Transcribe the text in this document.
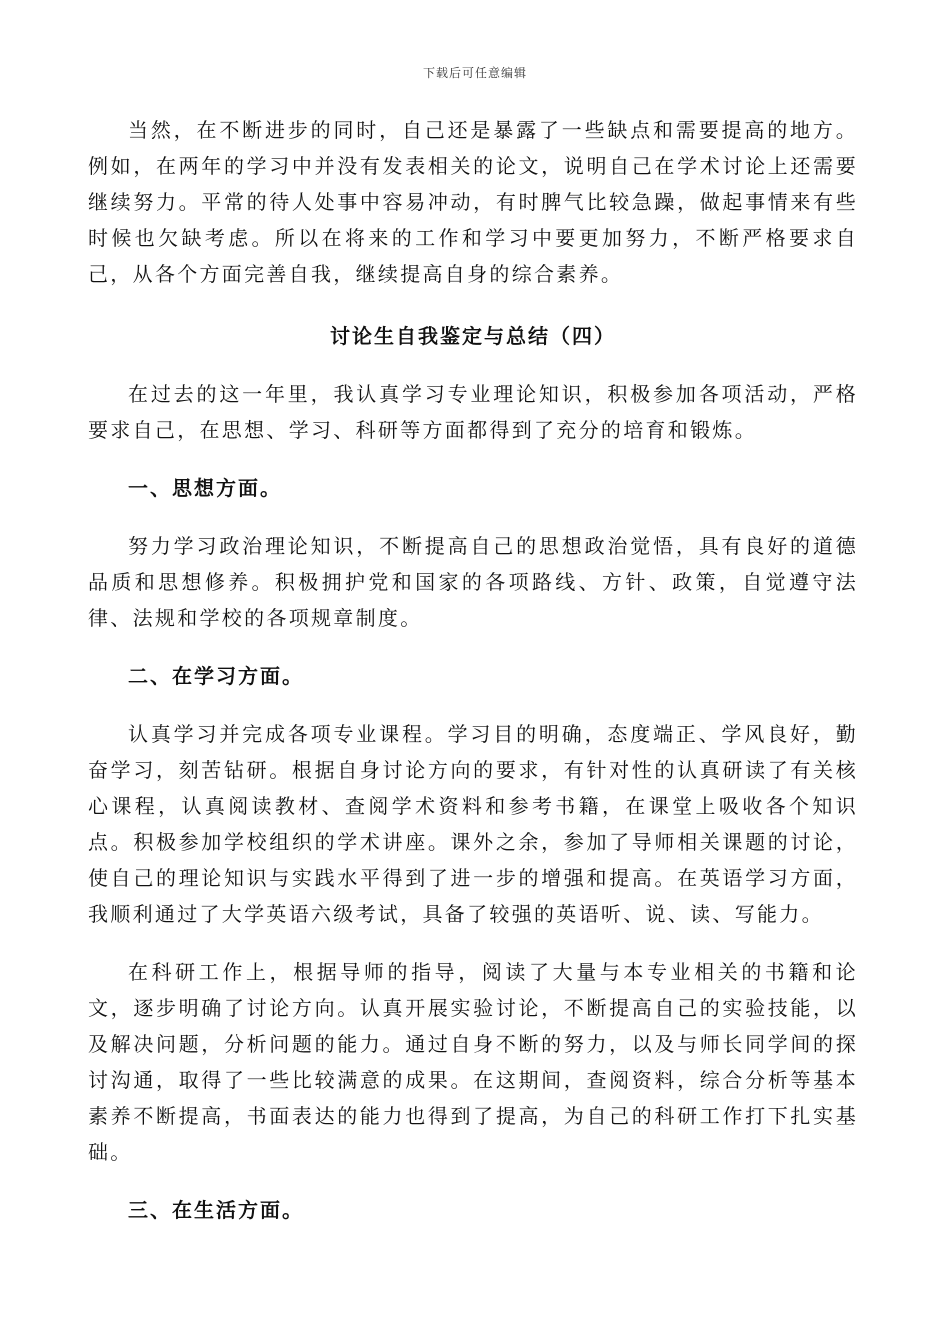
下载后可任意编辑

当然，在不断进步的同时，自己还是暴露了一些缺点和需要提高的地方。例如，在两年的学习中并没有发表相关的论文，说明自己在学术讨论上还需要继续努力。平常的待人处事中容易冲动，有时脾气比较急躁，做起事情来有些时候也欠缺考虑。所以在将来的工作和学习中要更加努力，不断严格要求自己，从各个方面完善自我，继续提高自身的综合素养。

讨论生自我鉴定与总结（四）

在过去的这一年里，我认真学习专业理论知识，积极参加各项活动，严格要求自己，在思想、学习、科研等方面都得到了充分的培育和锻炼。

一、思想方面。

努力学习政治理论知识，不断提高自己的思想政治觉悟，具有良好的道德品质和思想修养。积极拥护党和国家的各项路线、方针、政策，自觉遵守法律、法规和学校的各项规章制度。

二、在学习方面。

认真学习并完成各项专业课程。学习目的明确，态度端正、学风良好，勤奋学习，刻苦钻研。根据自身讨论方向的要求，有针对性的认真研读了有关核心课程，认真阅读教材、查阅学术资料和参考书籍，在课堂上吸收各个知识点。积极参加学校组织的学术讲座。课外之余，参加了导师相关课题的讨论，使自己的理论知识与实践水平得到了进一步的增强和提高。在英语学习方面，我顺利通过了大学英语六级考试，具备了较强的英语听、说、读、写能力。

在科研工作上，根据导师的指导，阅读了大量与本专业相关的书籍和论文，逐步明确了讨论方向。认真开展实验讨论，不断提高自己的实验技能，以及解决问题，分析问题的能力。通过自身不断的努力，以及与师长同学间的探讨沟通，取得了一些比较满意的成果。在这期间，查阅资料，综合分析等基本素养不断提高，书面表达的能力也得到了提高，为自己的科研工作打下扎实基础。

三、在生活方面。
